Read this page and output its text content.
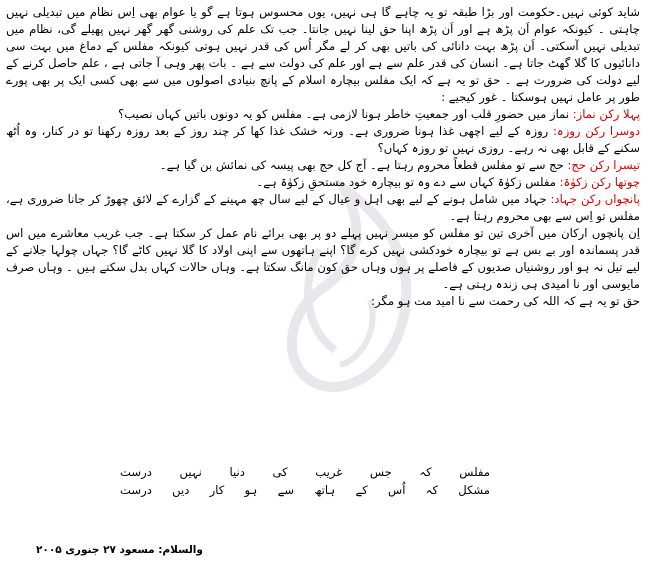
شاید کوئی نہیں۔حکومت اور بڑا طبقہ تو یہ چاہے گا ہی نہیں، یوں محسوس ہوتا ہے گو یا عوام بھی اِس نظام میں تبدیلی نہیں چاہتی ۔ کیونکہ عوام اَن پڑھ ہے اور اَن پڑھ اپنا حق لینا نہیں جانتا۔ جب تک علم کی روشنی گھر گھر نہیں پھیلے گی، نظام میں تبدیلی نہیں آسکتی۔ اَن پڑھ بہت دانائی کی باتیں بھی کر لے مگر اُس کی قدر نہیں ہوتی کیونکہ مفلس کے دماغ میں بہت سی دانائیوں کا گلا گھٹ جاتا ہے۔ انسان کی قدر علم سے ہے اور علم کی دولت سے ہے ۔ بات پھر وہی آ جاتی ہے ، علم حاصل کرنے کے لیے دولت کی ضرورت ہے ۔ حق تو یہ ہے کہ ایک مفلس بیچارہ اسلام کے پانچ بنیادی اصولوں میں سے بھی کسی ایک پر بھی پورے طور پر عامل نہیں ہوسکتا ۔ غور کیجیے :

پہلا رکن نماز: نماز میں حضورِ قلب اور جمعیتِ خاطر ہونا لازمی ہے۔ مفلس کو یہ دونوں باتیں کہاں نصیب؟

دوسرا رکن روزہ: روزہ کے لیے اچھی غذا ہونا ضروری ہے۔ ورنہ خشک غذا کھا کر چند روز کے بعد روزہ رکھنا تو در کنار، وہ اُٹھ سکنے کے قابل بھی نہ رہے۔ روزی نہیں تو روزہ کہاں؟

تیسرا رکن حج: حج سے تو مفلس قطعاً محروم رہتا ہے۔ آج کل حج بھی پیسہ کی نمائش بن گیا ہے۔

چوتھا رکن زکوٰۃ: مفلس زکوٰۃ کہاں سے دے وہ تو بیچارہ خود مستحقِ زکوٰۃ ہے۔

پانچواں رکن جہاد: جہاد میں شامل ہونے کے لیے بھی اہل و عیال کے لیے سال چھ مہینے کے گزارے کے لائق چھوڑ کر جانا ضروری ہے، مفلس تو اِس سے بھی محروم رہتا ہے۔

اِن پانچوں ارکان میں آخری تین تو مفلس کو میسر نہیں پہلے دو پر بھی برائے نام عمل کر سکتا ہے۔ جب غریب معاشرے میں اس قدر پسماندہ اور بے بس ہے تو بیچارہ خودکشی نہیں کرے گا؟ اپنے ہاتھوں سے اپنی اولاد کا گلا نہیں کاٹے گا؟ جہاں چولہا جلانے کے لیے تیل نہ ہو اور روشنیاں صدیوں کے فاصلے پر ہوں وہاں حق کون مانگ سکتا ہے۔ وہاں حالات کہاں بدل سکتے ہیں ۔ وہاں صرف مایوسی اور نا امیدی ہی زندہ رہتی ہے۔

حق تو یہ ہے کہ اللہ کی رحمت سے نا امید مت ہو مگر:

مفلس
کہ
جس
غریب
کی
دنیا
نہیں
درست
مشکل
کہ
اُس
کے
ہاتھ
سے
ہو
کار
دیں
درست
والسلام: مسعود ۲۷ جنوری ۲۰۰۵
